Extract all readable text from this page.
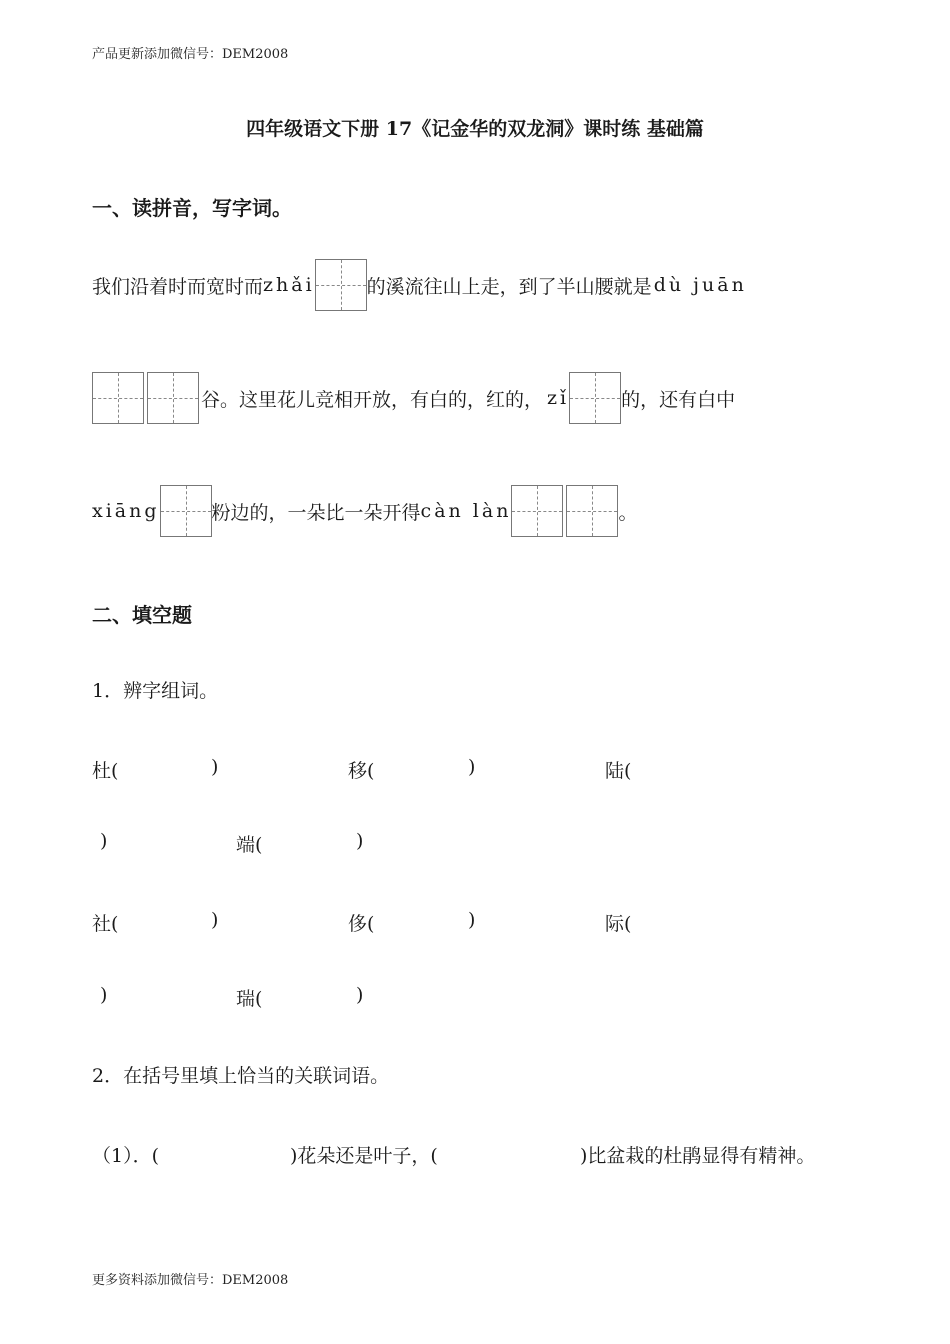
产品更新添加微信号：DEM2008
四年级语文下册 17《记金华的双龙洞》课时练 基础篇
一、读拼音，写字词。
我们沿着时而宽时而 zhǎi	的溪流往山上走，到了半山腰就是 dù juān
谷。这里花儿竞相开放，有白的，红的， zǐ	的，还有白中
xiāng	粉边的，一朵比一朵开得 càn làn	。
二、填空题
1．辨字组词。
杜(	)	移(	)	陆(
)	端(	)
社(	)	侈(	)	际(
)	瑞(	)
2．在括号里填上恰当的关联词语。
（1）．(	)花朵还是叶子，(	)比盆栽的杜鹃显得有精神。
更多资料添加微信号：DEM2008
